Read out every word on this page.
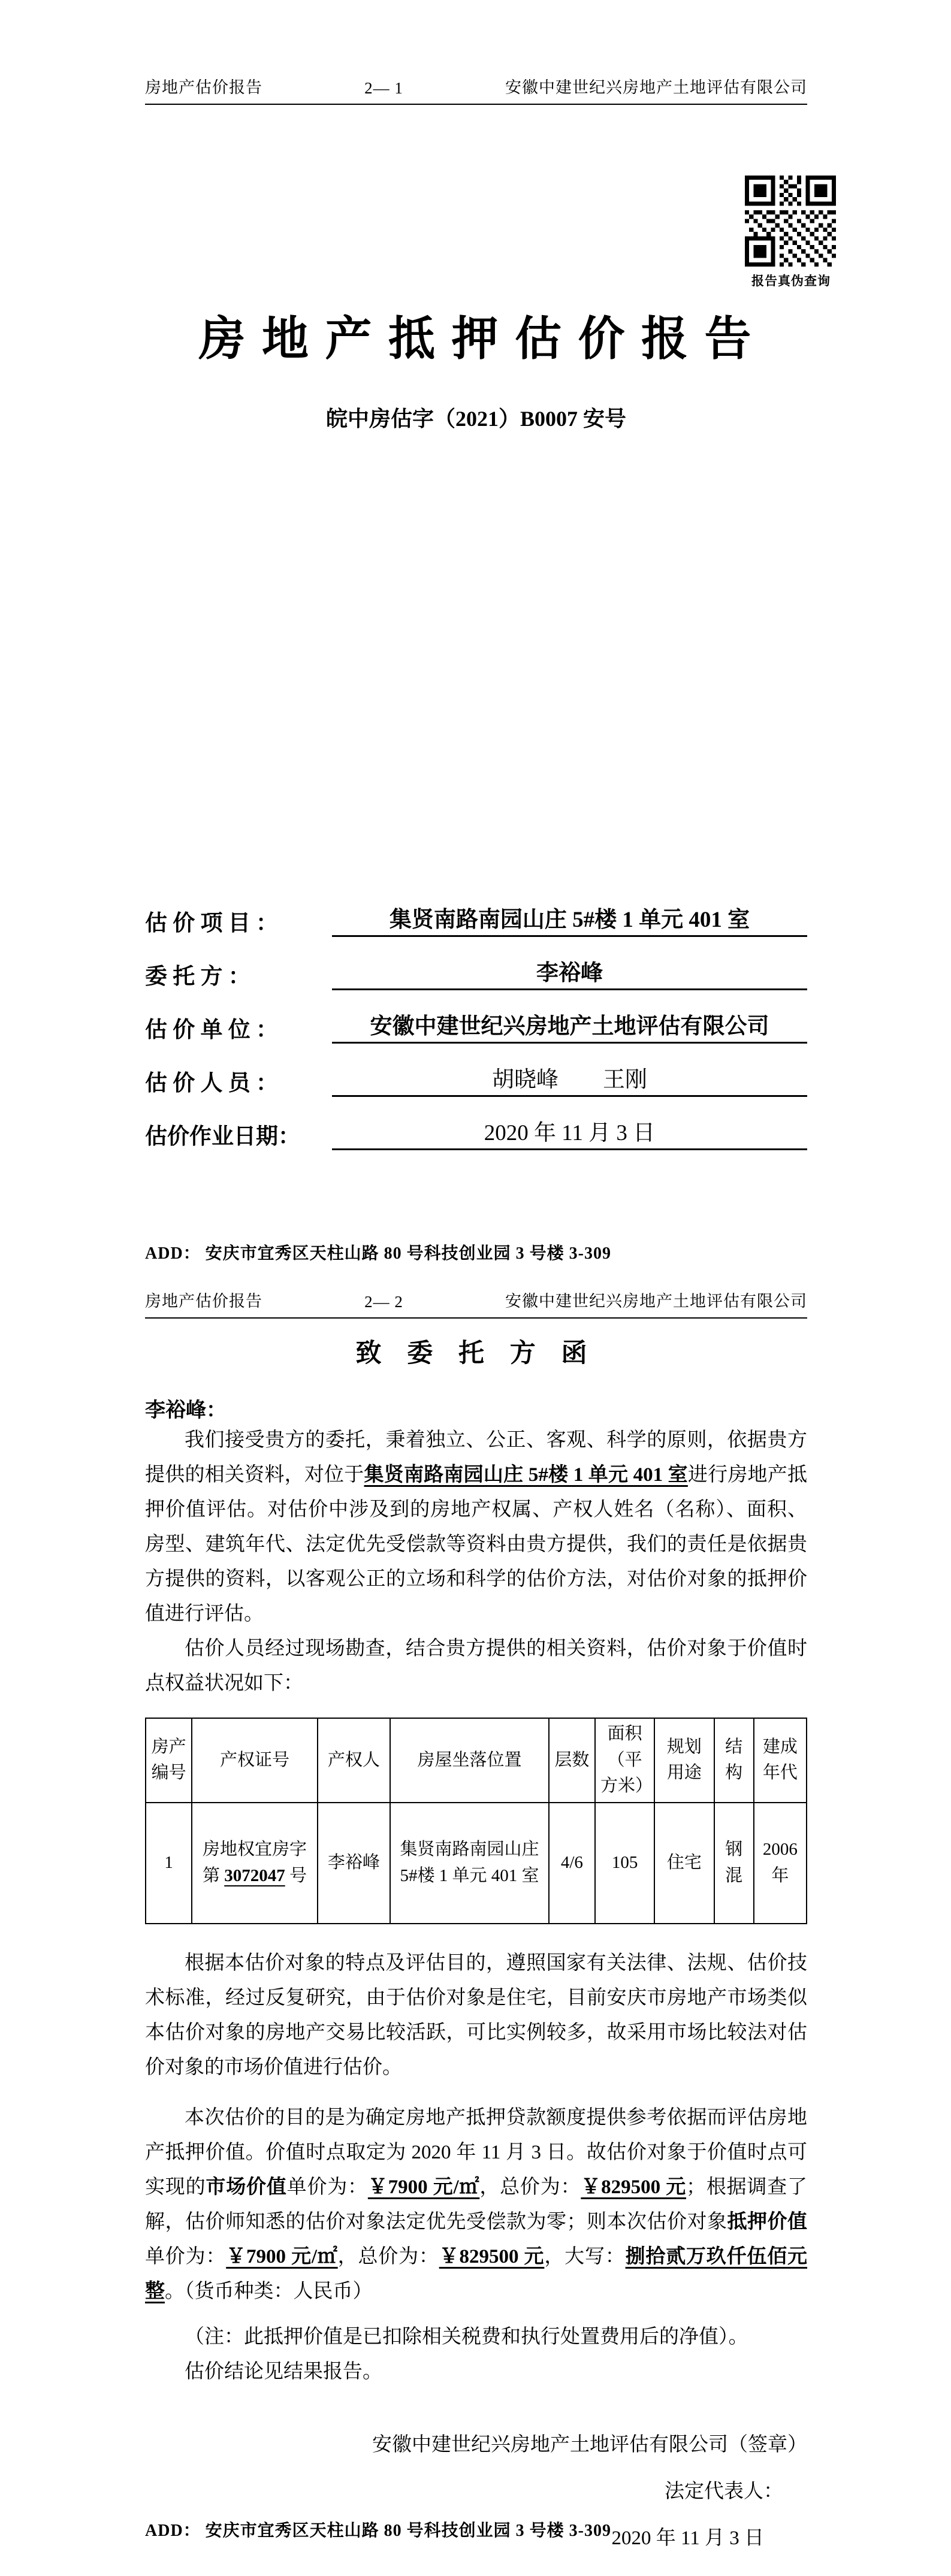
房地产估价报告	2— 1	安徽中建世纪兴房地产土地评估有限公司
报告真伪查询
房 地 产 抵 押 估 价 报 告
皖中房估字（2021）B0007 安号
估 价 项 目 ：	集贤南路南园山庄 5#楼 1 单元 401 室
委 托 方 ：	李裕峰
估 价 单 位 ：	安徽中建世纪兴房地产土地评估有限公司
估 价 人 员 ：	胡晓峰　　王刚
估价作业日期：	2020 年 11 月 3 日
ADD： 安庆市宜秀区天柱山路 80 号科技创业园 3 号楼 3-309
房地产估价报告	2— 2	安徽中建世纪兴房地产土地评估有限公司
致 委 托 方 函
李裕峰：

我们接受贵方的委托，秉着独立、公正、客观、科学的原则，依据贵方提供的相关资料，对位于集贤南路南园山庄 5#楼 1 单元 401 室进行房地产抵押价值评估。对估价中涉及到的房地产权属、产权人姓名（名称）、面积、房型、建筑年代、法定优先受偿款等资料由贵方提供，我们的责任是依据贵方提供的资料，以客观公正的立场和科学的估价方法，对估价对象的抵押价值进行评估。

估价人员经过现场勘查，结合贵方提供的相关资料，估价对象于价值时点权益状况如下：

房产编号	产权证号	产权人	房屋坐落位置	层数	面积（平方米）	规划用途	结构	建成年代
1	房地权宜房字第 3072047 号	李裕峰	集贤南路南园山庄 5#楼 1 单元 401 室	4/6	105	住宅	钢混	2006 年

根据本估价对象的特点及评估目的，遵照国家有关法律、法规、估价技术标准，经过反复研究，由于估价对象是住宅，目前安庆市房地产市场类似本估价对象的房地产交易比较活跃，可比实例较多，故采用市场比较法对估价对象的市场价值进行估价。

本次估价的目的是为确定房地产抵押贷款额度提供参考依据而评估房地产抵押价值。价值时点取定为 2020 年 11 月 3 日。故估价对象于价值时点可实现的市场价值单价为：￥7900 元/㎡，总价为：￥829500 元；根据调查了解，估价师知悉的估价对象法定优先受偿款为零；则本次估价对象抵押价值单价为：￥7900 元/㎡，总价为：￥829500 元，大写：捌拾贰万玖仟伍佰元整。（货币种类：人民币）

（注：此抵押价值是已扣除相关税费和执行处置费用后的净值）。

估价结论见结果报告。

安徽中建世纪兴房地产土地评估有限公司（签章）
法定代表人：
2020 年 11 月 3 日
ADD： 安庆市宜秀区天柱山路 80 号科技创业园 3 号楼 3-309
